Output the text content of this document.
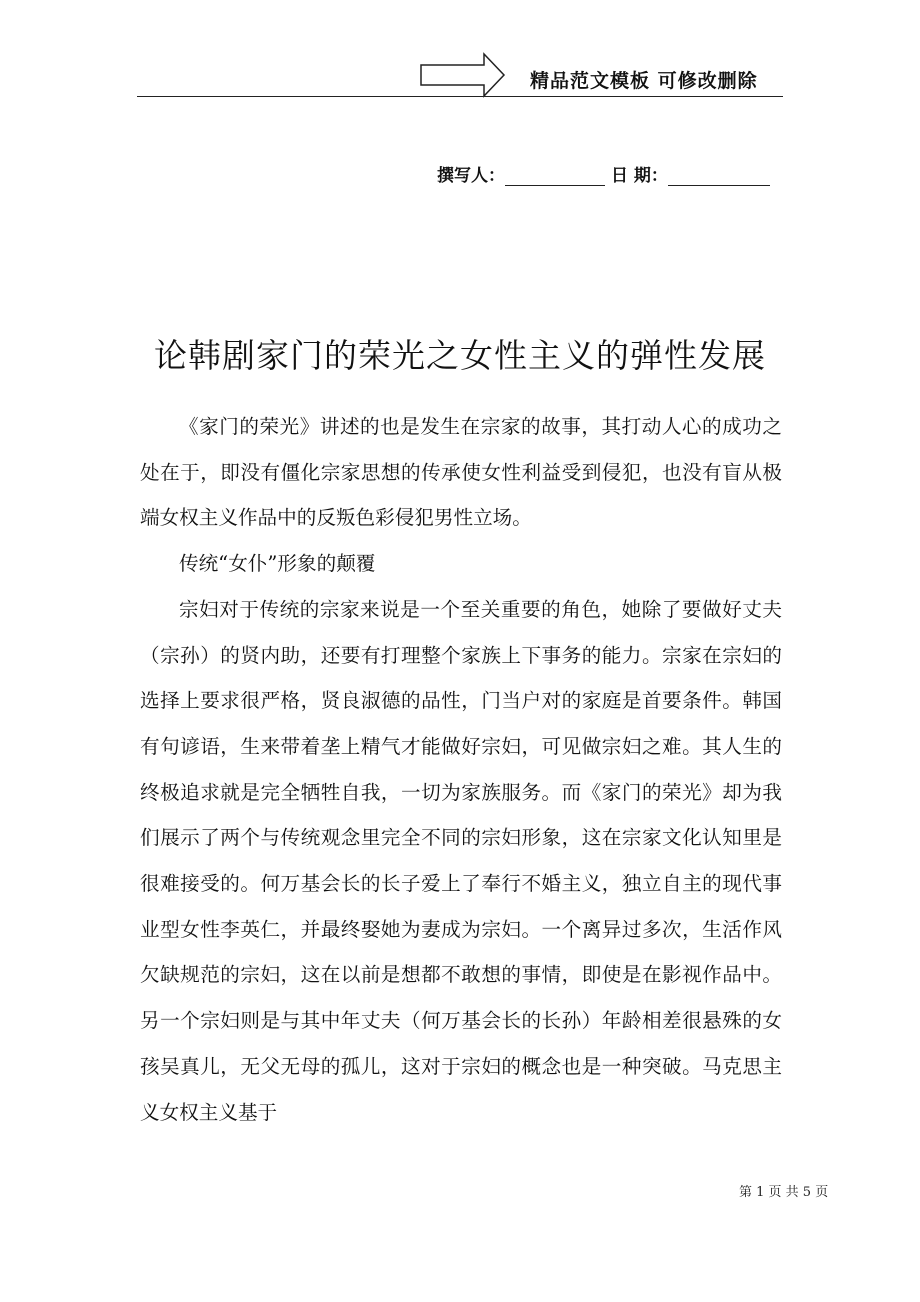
精品范文模板 可修改删除
撰写人：	日 期：
论韩剧家门的荣光之女性主义的弹性发展

《家门的荣光》讲述的也是发生在宗家的故事，其打动人心的成功之处在于，即没有僵化宗家思想的传承使女性利益受到侵犯，也没有盲从极端女权主义作品中的反叛色彩侵犯男性立场。

传统“女仆”形象的颠覆

宗妇对于传统的宗家来说是一个至关重要的角色，她除了要做好丈夫（宗孙）的贤内助，还要有打理整个家族上下事务的能力。宗家在宗妇的选择上要求很严格，贤良淑德的品性，门当户对的家庭是首要条件。韩国有句谚语，生来带着垄上精气才能做好宗妇，可见做宗妇之难。其人生的终极追求就是完全牺牲自我，一切为家族服务。而《家门的荣光》却为我们展示了两个与传统观念里完全不同的宗妇形象，这在宗家文化认知里是很难接受的。何万基会长的长子爱上了奉行不婚主义，独立自主的现代事业型女性李英仁，并最终娶她为妻成为宗妇。一个离异过多次，生活作风欠缺规范的宗妇，这在以前是想都不敢想的事情，即使是在影视作品中。另一个宗妇则是与其中年丈夫（何万基会长的长孙）年龄相差很悬殊的女孩吴真儿，无父无母的孤儿，这对于宗妇的概念也是一种突破。马克思主义女权主义基于

第 1 页 共 5 页
